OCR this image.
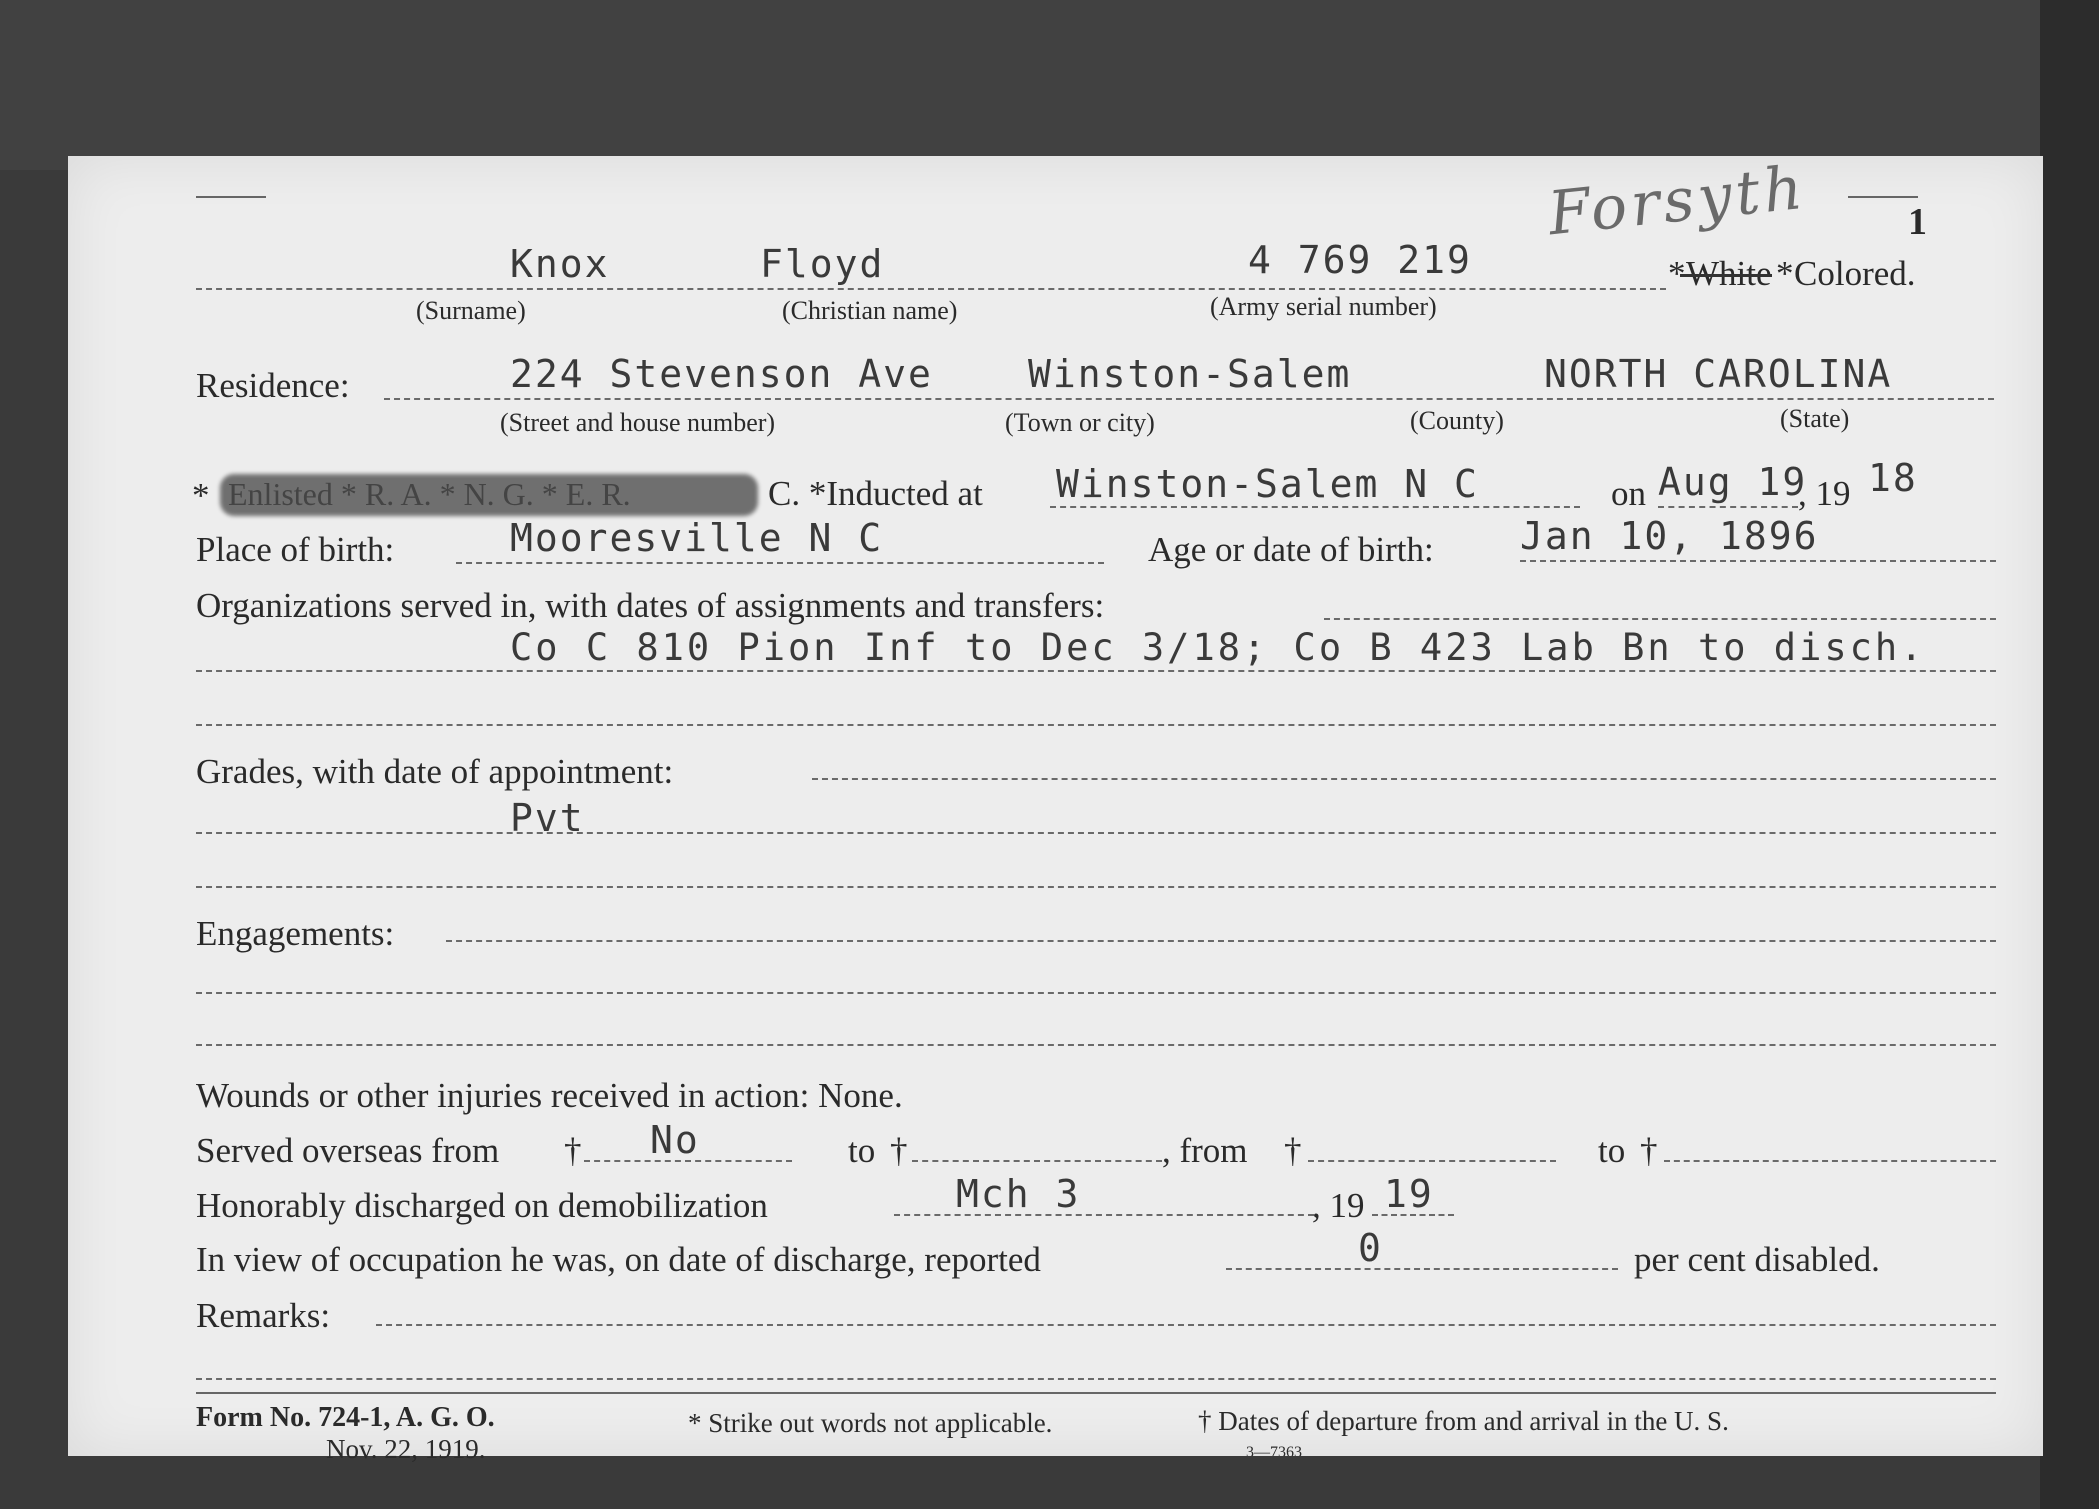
Forsyth	1
Knox	Floyd	4 769 219	* White * Colored.
(Surname)	(Christian name)	(Army serial number)
Residence:	224 Stevenson Ave	Winston-Salem	NORTH CAROLINA
(Street and house number)	(Town or city)	(County)	(State)
* Enlisted * R. A. * N. G. * E. R.	C. *Inducted at Winston-Salem N C	on Aug 19
, 19 18
Place of birth:	Mooresville N C	Age or date of birth: Jan 10, 1896
Organizations served in, with dates of assignments and transfers:
Co C 810 Pion Inf to Dec 3/18; Co B 423 Lab Bn to disch.
Grades, with date of appointment:
Pvt
Engagements:
Wounds or other injuries received in action: None.
Served overseas from † No	to †	, from †	to †
Honorably discharged on demobilization	Mch 3	, 19 19
In view of occupation he was, on date of discharge, reported	0	per cent disabled.
Remarks:
Form No. 724-1, A. G. O.
Nov. 22, 1919.
* Strike out words not applicable.	† Dates of departure from and arrival in the U. S.
3—7363
